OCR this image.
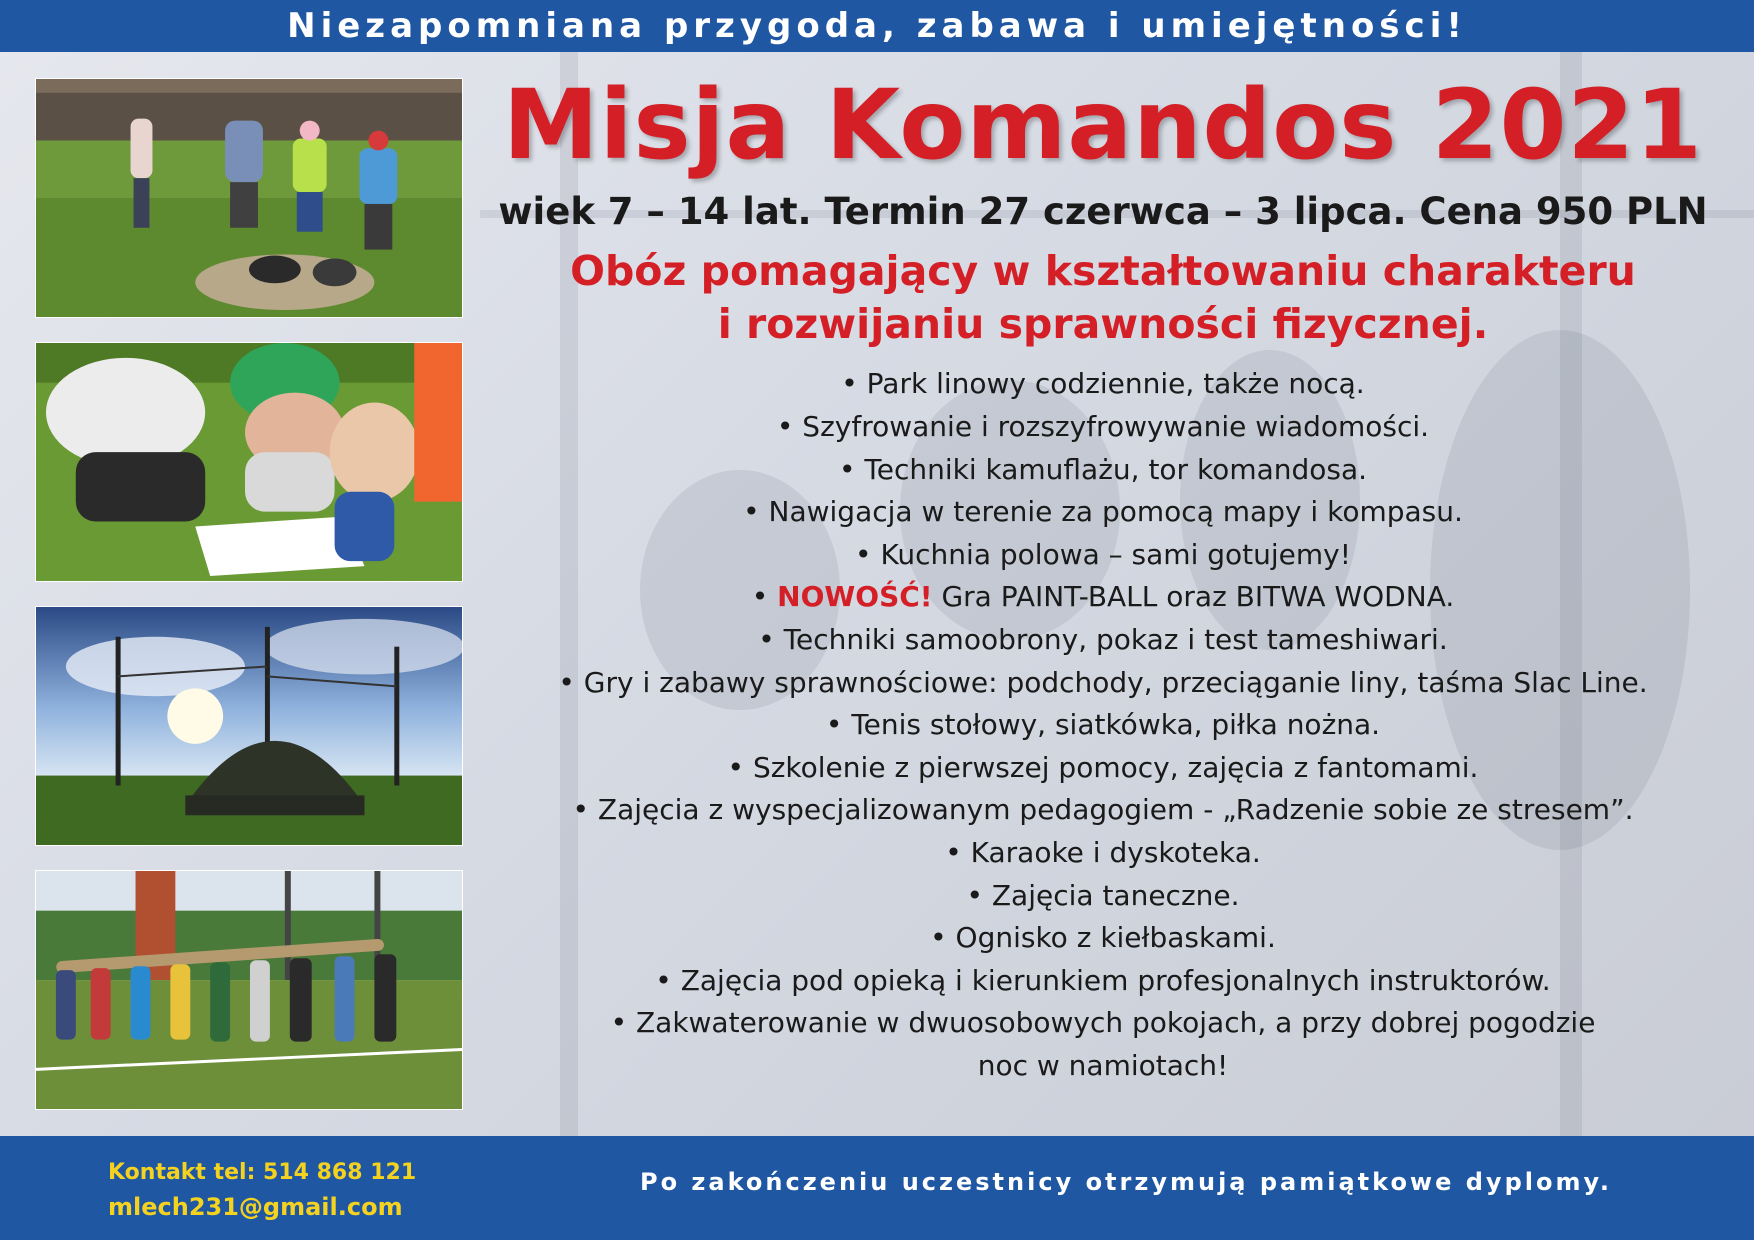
Niezapomniana przygoda, zabawa i umiejętności!
Misja Komandos 2021
wiek 7 – 14 lat. Termin 27 czerwca – 3 lipca. Cena 950 PLN
Obóz pomagający w kształtowaniu charakteru
i rozwijaniu sprawności fizycznej.
• Park linowy codziennie, także nocą.
• Szyfrowanie i rozszyfrowywanie wiadomości.
• Techniki kamuflażu, tor komandosa.
• Nawigacja w terenie za pomocą mapy i kompasu.
• Kuchnia polowa – sami gotujemy!
• NOWOŚĆ! Gra PAINT-BALL oraz BITWA WODNA.
• Techniki samoobrony, pokaz i test tameshiwari.
• Gry i zabawy sprawnościowe: podchody, przeciąganie liny, taśma Slac Line.
• Tenis stołowy, siatkówka, piłka nożna.
• Szkolenie z pierwszej pomocy, zajęcia z fantomami.
• Zajęcia z wyspecjalizowanym pedagogiem - „Radzenie sobie ze stresem”.
• Karaoke i dyskoteka.
• Zajęcia taneczne.
• Ognisko z kiełbaskami.
• Zajęcia pod opieką i kierunkiem profesjonalnych instruktorów.
• Zakwaterowanie w dwuosobowych pokojach, a przy dobrej pogodzie
noc w namiotach!
Kontakt tel: 514 868 121
mlech231@gmail.com
Po zakończeniu uczestnicy otrzymują pamiątkowe dyplomy.
